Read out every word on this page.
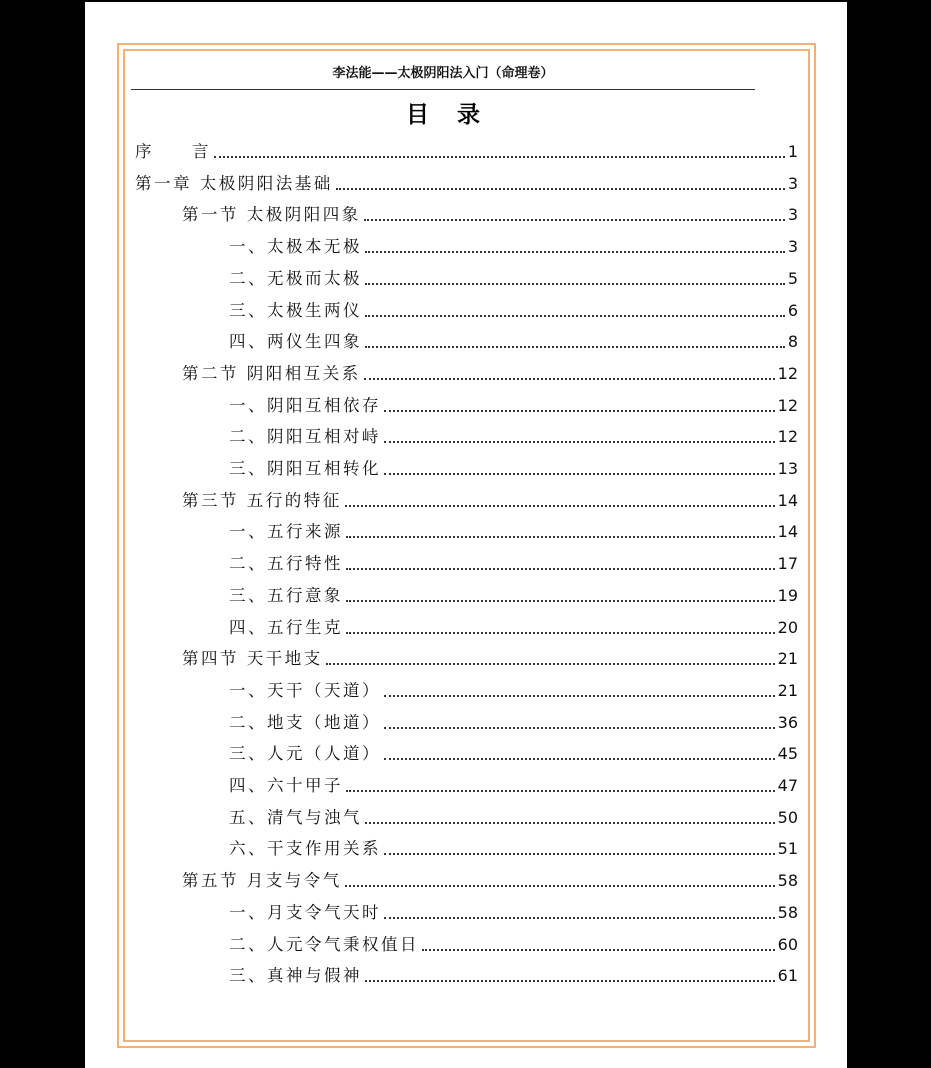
李法能——太极阴阳法入门（命理卷）
目录
序　　言	1
第一章 太极阴阳法基础	3
第一节 太极阴阳四象	3
一、太极本无极	3
二、无极而太极	5
三、太极生两仪	6
四、两仪生四象	8
第二节 阴阳相互关系	12
一、阴阳互相依存	12
二、阴阳互相对峙	12
三、阴阳互相转化	13
第三节 五行的特征	14
一、五行来源	14
二、五行特性	17
三、五行意象	19
四、五行生克	20
第四节 天干地支	21
一、天干（天道）	21
二、地支（地道）	36
三、人元（人道）	45
四、六十甲子	47
五、清气与浊气	50
六、干支作用关系	51
第五节 月支与令气	58
一、月支令气天时	58
二、人元令气秉权值日	60
三、真神与假神	61
